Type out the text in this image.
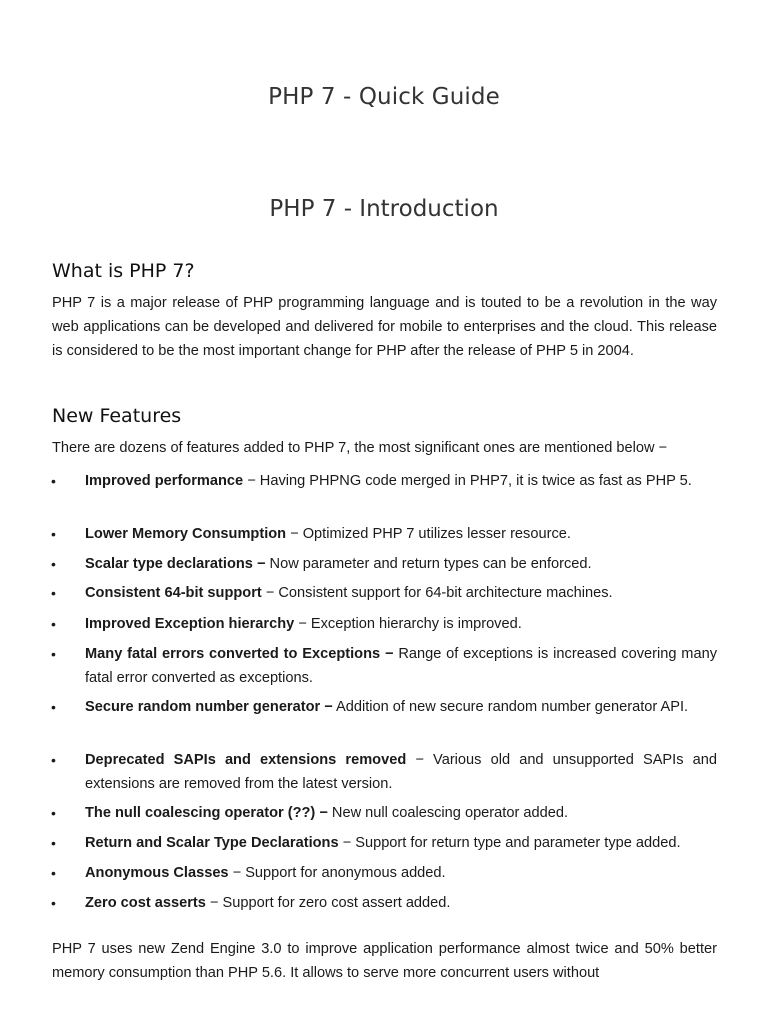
PHP 7 - Quick Guide
PHP 7 - Introduction
What is PHP 7?

PHP 7 is a major release of PHP programming language and is touted to be a revolution in the way web applications can be developed and delivered for mobile to enterprises and the cloud. This release is considered to be the most important change for PHP after the release of PHP 5 in 2004.

New Features

There are dozens of features added to PHP 7, the most significant ones are mentioned below −

• Improved performance − Having PHPNG code merged in PHP7, it is twice as fast as PHP 5.

• Lower Memory Consumption − Optimized PHP 7 utilizes lesser resource.

• Scalar type declarations − Now parameter and return types can be enforced.

• Consistent 64-bit support − Consistent support for 64-bit architecture machines.

• Improved Exception hierarchy − Exception hierarchy is improved.

• Many fatal errors converted to Exceptions − Range of exceptions is increased covering many fatal error converted as exceptions.

• Secure random number generator − Addition of new secure random number generator API.

• Deprecated SAPIs and extensions removed − Various old and unsupported SAPIs and extensions are removed from the latest version.

• The null coalescing operator (??) − New null coalescing operator added.

• Return and Scalar Type Declarations − Support for return type and parameter type added.

• Anonymous Classes − Support for anonymous added.

• Zero cost asserts − Support for zero cost assert added.

PHP 7 uses new Zend Engine 3.0 to improve application performance almost twice and 50% better memory consumption than PHP 5.6. It allows to serve more concurrent users without
